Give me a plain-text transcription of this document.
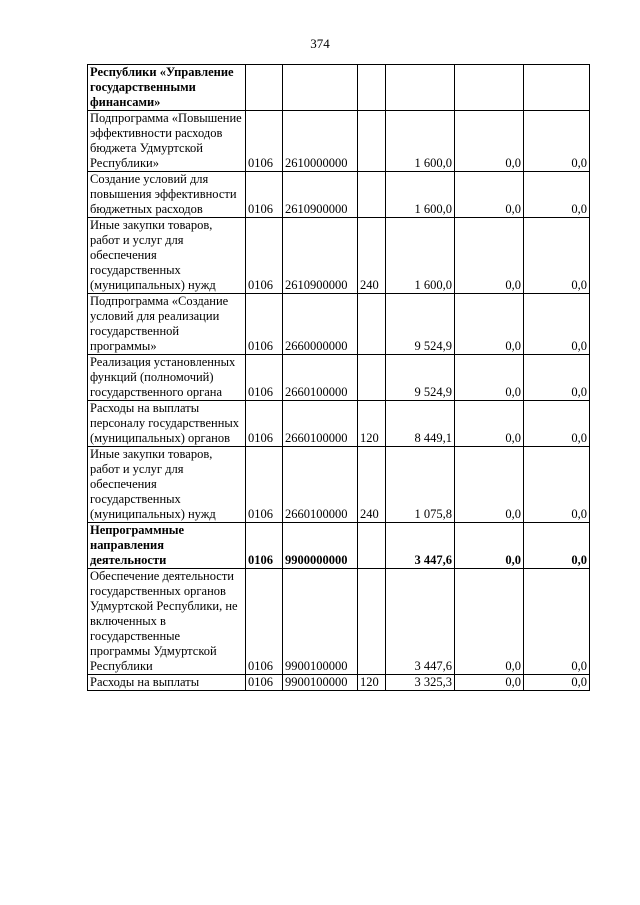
374
Республики «Управление государственными финансами»						
Подпрограмма «Повышение эффективности расходов бюджета Удмуртской Республики»	0106	2610000000		1 600,0	0,0	0,0
Создание условий для повышения эффективности бюджетных расходов	0106	2610900000		1 600,0	0,0	0,0
Иные закупки товаров, работ и услуг для обеспечения государственных (муниципальных) нужд	0106	2610900000	240	1 600,0	0,0	0,0
Подпрограмма «Создание условий для реализации государственной программы»	0106	2660000000		9 524,9	0,0	0,0
Реализация установленных функций (полномочий) государственного органа	0106	2660100000		9 524,9	0,0	0,0
Расходы на выплаты персоналу государственных (муниципальных) органов	0106	2660100000	120	8 449,1	0,0	0,0
Иные закупки товаров, работ и услуг для обеспечения государственных (муниципальных) нужд	0106	2660100000	240	1 075,8	0,0	0,0
Непрограммные направления деятельности	0106	9900000000		3 447,6	0,0	0,0
Обеспечение деятельности государственных органов Удмуртской Республики, не включенных в государственные программы Удмуртской Республики	0106	9900100000		3 447,6	0,0	0,0
Расходы на выплаты	0106	9900100000	120	3 325,3	0,0	0,0
